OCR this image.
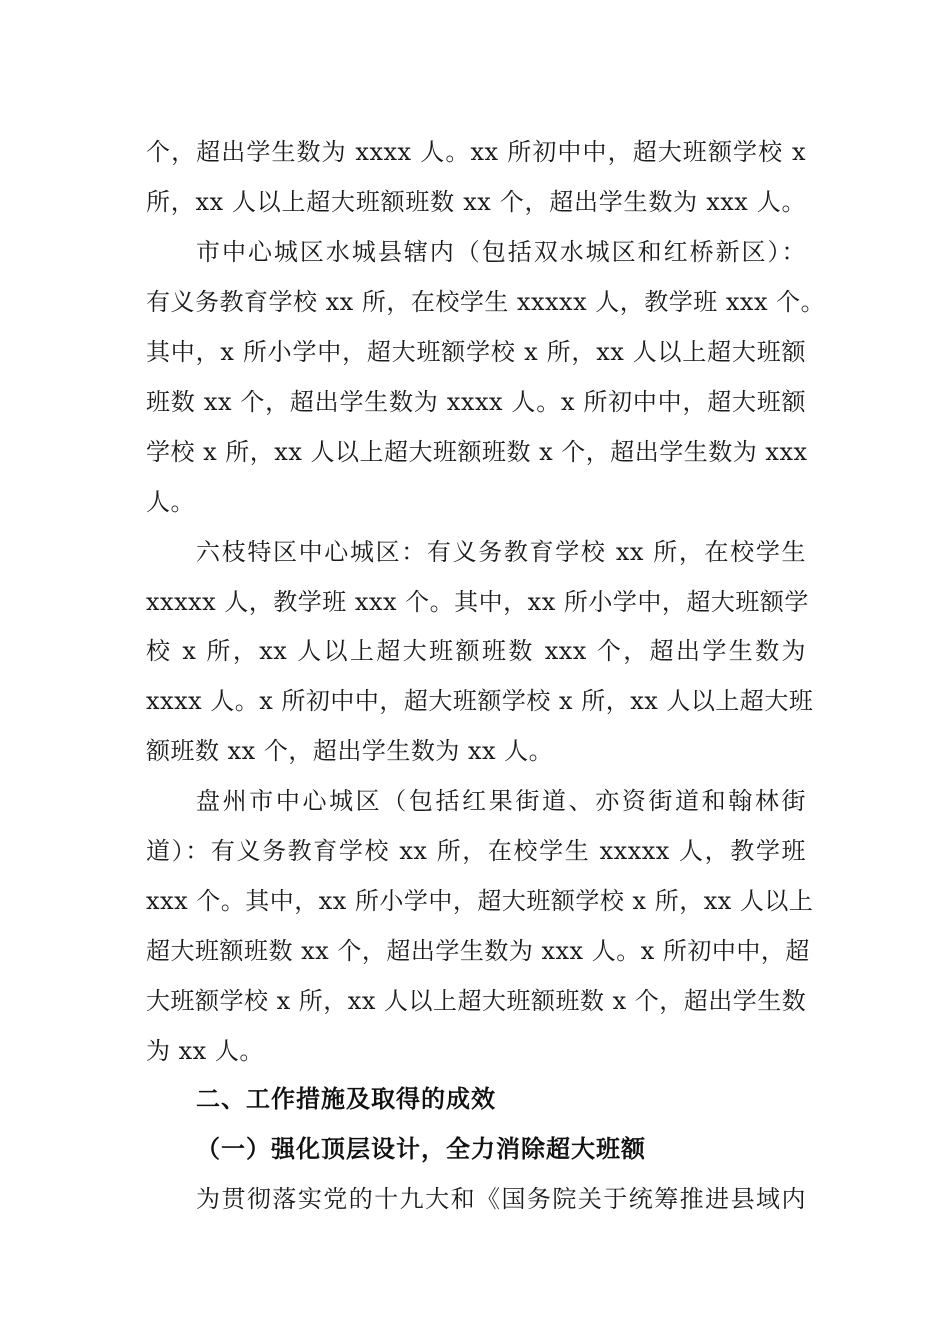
个，超出学生数为 xxxx 人。xx 所初中中，超大班额学校 x
所，xx 人以上超大班额班数 xx 个，超出学生数为 xxx 人。
市中心城区水城县辖内（包括双水城区和红桥新区）：
有义务教育学校 xx 所，在校学生 xxxxx 人，教学班 xxx 个。
其中，x 所小学中，超大班额学校 x 所，xx 人以上超大班额
班数 xx 个，超出学生数为 xxxx 人。x 所初中中，超大班额
学校 x 所，xx 人以上超大班额班数 x 个，超出学生数为 xxx
人。
六枝特区中心城区：有义务教育学校 xx 所，在校学生
xxxxx 人，教学班 xxx 个。其中，xx 所小学中，超大班额学
校 x 所，xx 人以上超大班额班数 xxx 个，超出学生数为
xxxx 人。x 所初中中，超大班额学校 x 所，xx 人以上超大班
额班数 xx 个，超出学生数为 xx 人。
盘州市中心城区（包括红果街道、亦资街道和翰林街
道）：有义务教育学校 xx 所，在校学生 xxxxx 人，教学班
xxx 个。其中，xx 所小学中，超大班额学校 x 所，xx 人以上
超大班额班数 xx 个，超出学生数为 xxx 人。x 所初中中，超
大班额学校 x 所，xx 人以上超大班额班数 x 个，超出学生数
为 xx 人。
二、工作措施及取得的成效
（一）强化顶层设计，全力消除超大班额
为贯彻落实党的十九大和《国务院关于统筹推进县域内
